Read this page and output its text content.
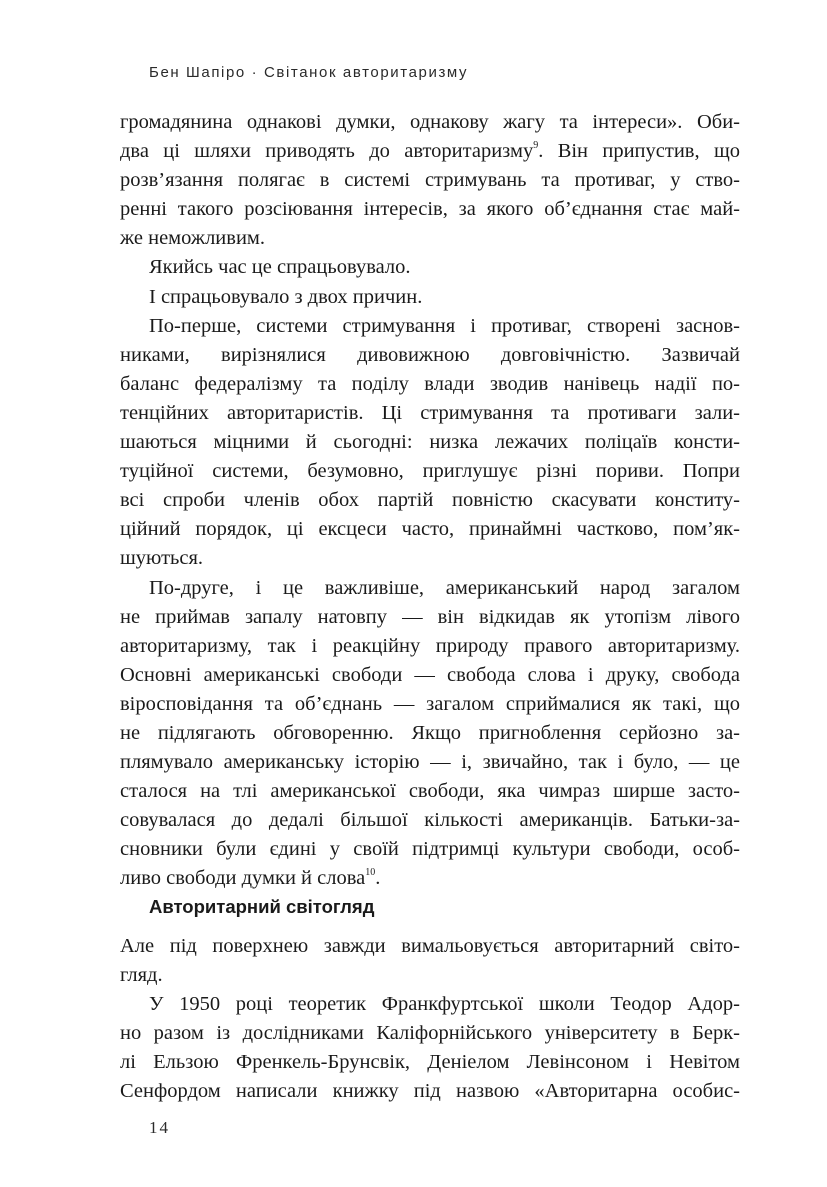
Бен Шапіро · Світанок авторитаризму
громадянина однакові думки, однакову жагу та інтереси». Оби-
два ці шляхи приводять до авторитаризму$^9$. Він припустив, що
розв’язання полягає в системі стримувань та противаг, у ство-
ренні такого розсіювання інтересів, за якого об’єднання стає май-
же неможливим.
Якийсь час це спрацьовувало.
І спрацьовувало з двох причин.
По-перше, системи стримування і противаг, створені заснов-
никами, вирізнялися дивовижною довговічністю. Зазвичай
баланс федералізму та поділу влади зводив нанівець надії по-
тенційних авторитаристів. Ці стримування та противаги зали-
шаються міцними й сьогодні: низка лежачих поліцаїв консти-
туційної системи, безумовно, приглушує різні пориви. Попри
всі спроби членів обох партій повністю скасувати конститу-
ційний порядок, ці ексцеси часто, принаймні частково, пом’як-
шуються.
По-друге, і це важливіше, американський народ загалом
не приймав запалу натовпу — він відкидав як утопізм лівого
авторитаризму, так і реакційну природу правого авторитаризму.
Основні американські свободи — свобода слова і друку, свобода
віросповідання та об’єднань — загалом сприймалися як такі, що
не підлягають обговоренню. Якщо пригноблення серйозно за-
плямувало американську історію — і, звичайно, так і було, — це
сталося на тлі американської свободи, яка чимраз ширше засто-
совувалася до дедалі більшої кількості американців. Батьки-за-
сновники були єдині у своїй підтримці культури свободи, особ-
ливо свободи думки й слова$^{10}$.
Авторитарний світогляд
Але під поверхнею завжди вимальовується авторитарний світо-
гляд.
У 1950 році теоретик Франкфуртської школи Теодор Адор-
но разом із дослідниками Каліфорнійського університету в Берк-
лі Ельзою Френкель-Брунсвік, Деніелом Левінсоном і Невітом
Сенфордом написали книжку під назвою «Авторитарна особис-
14
